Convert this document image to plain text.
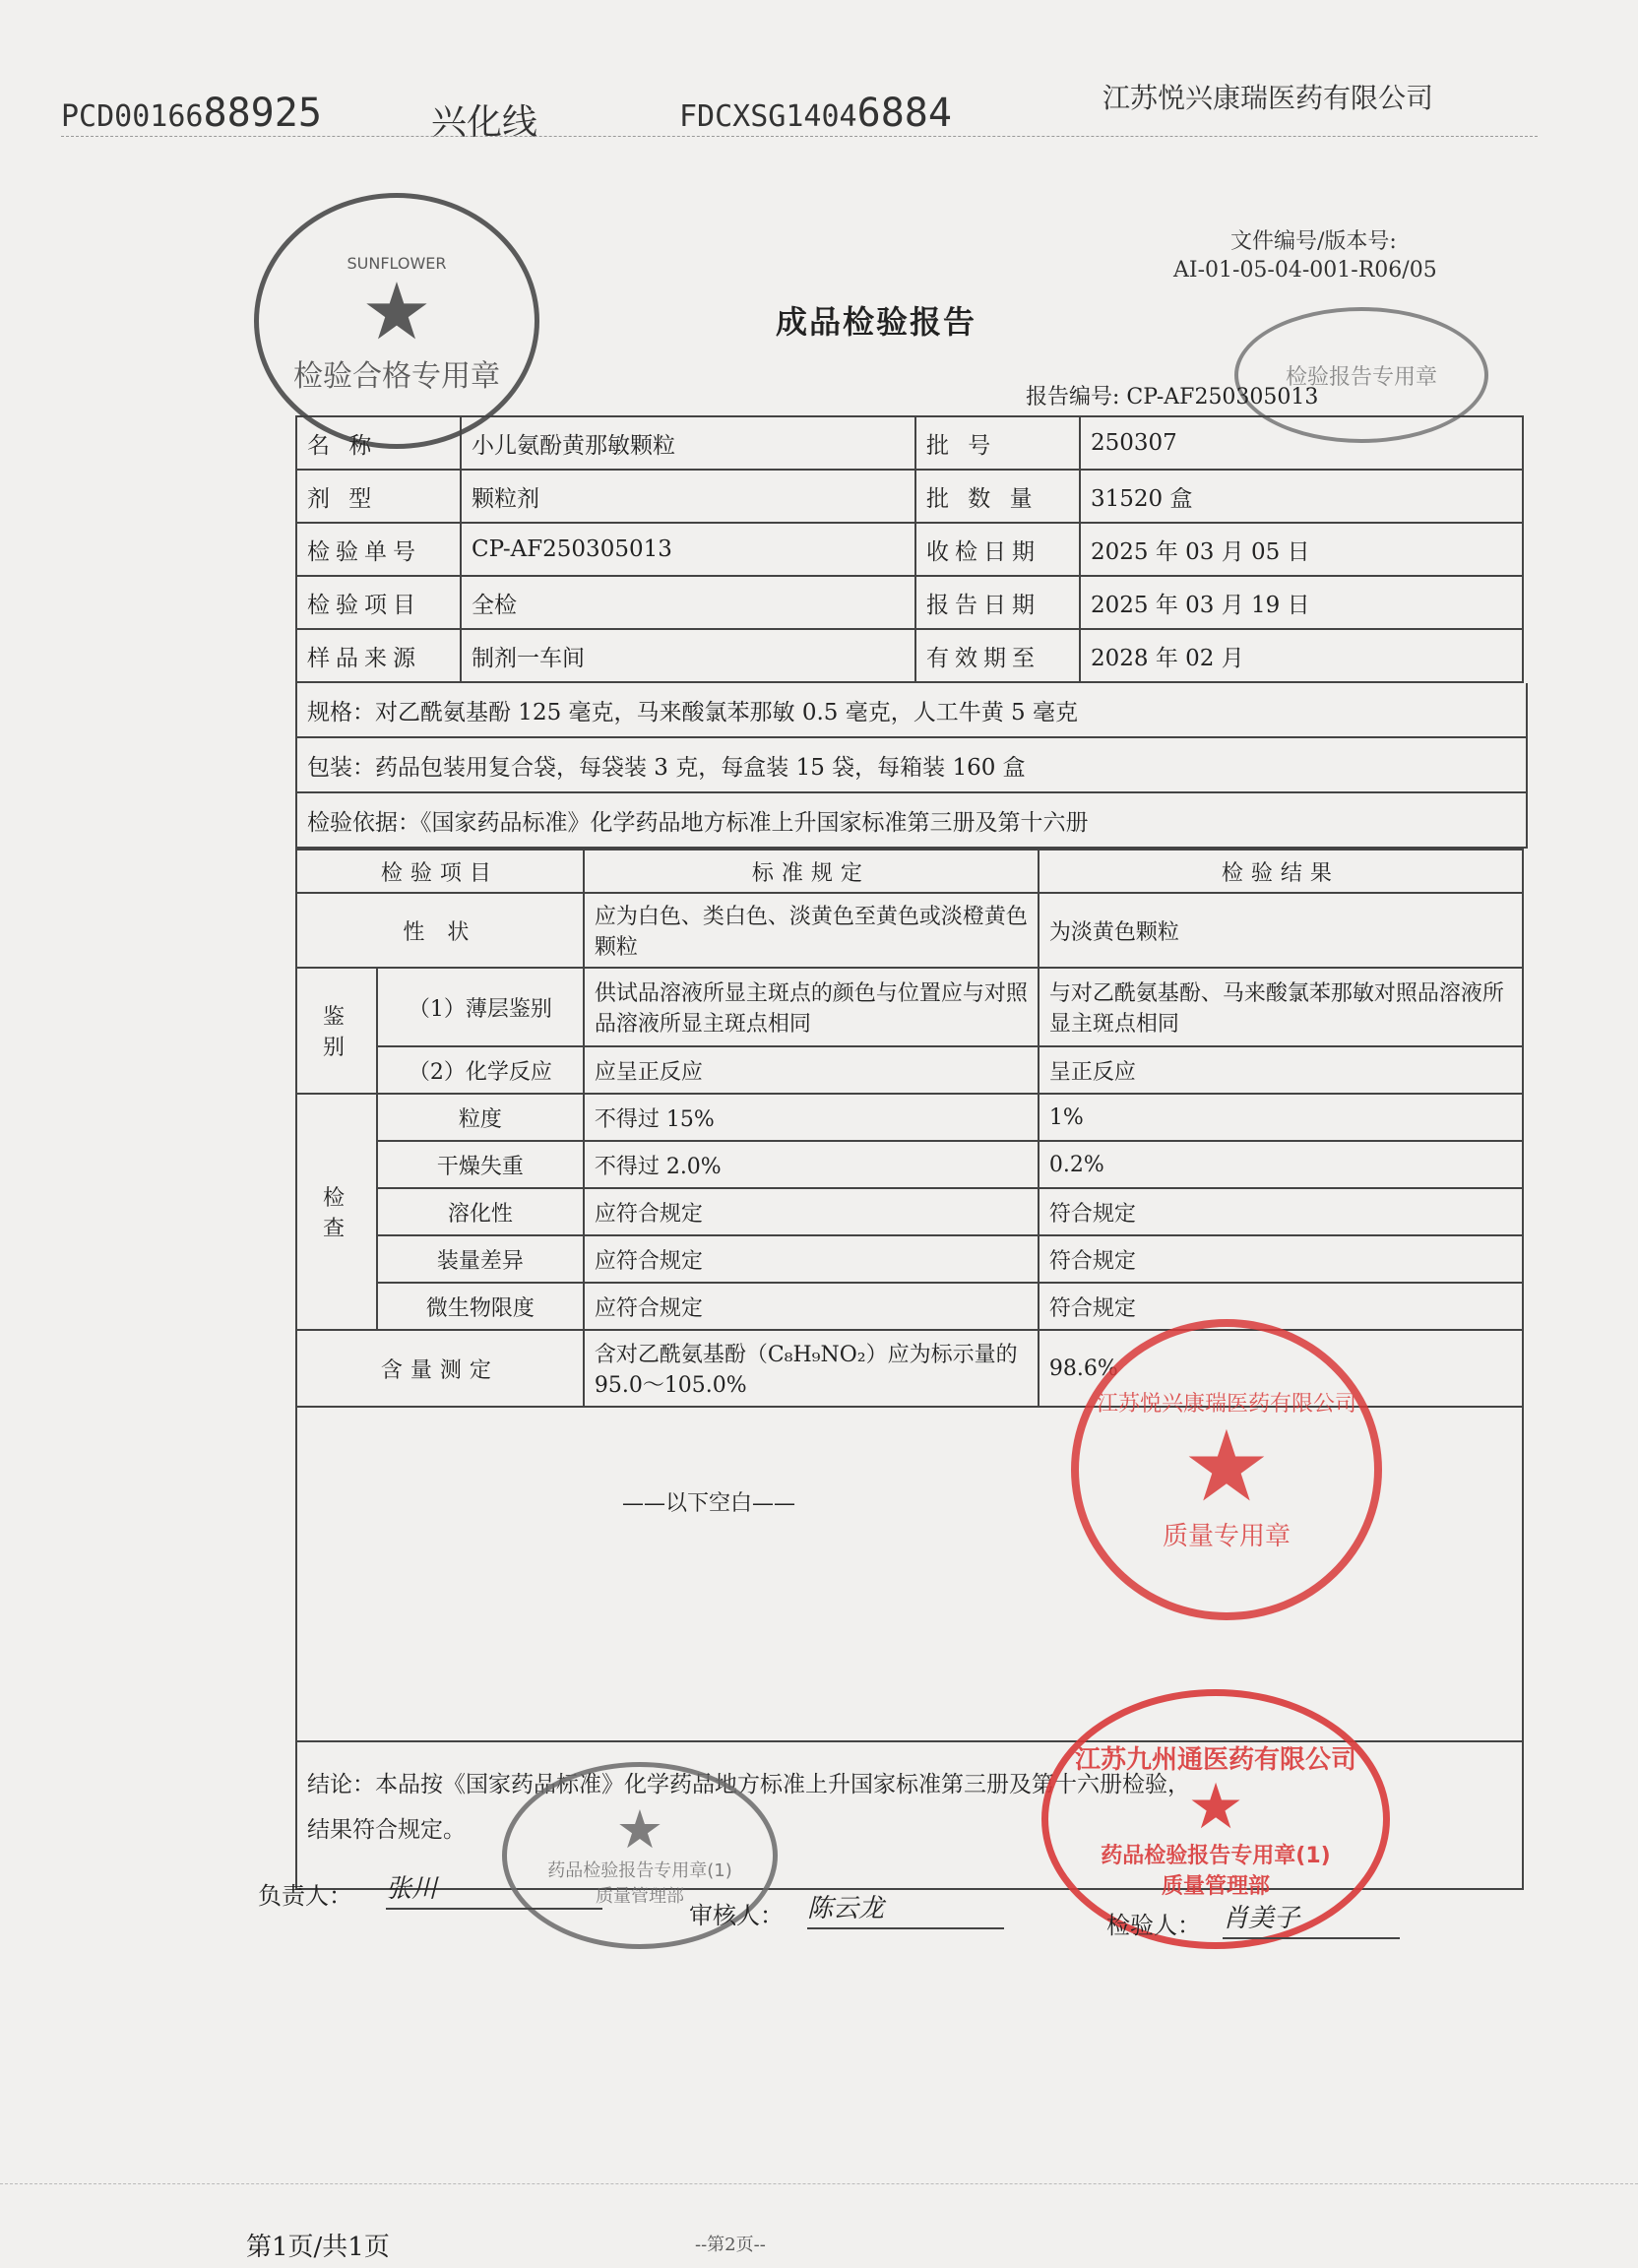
PCD0016688925	兴化线	FDCXSG14046884	江苏悦兴康瑞医药有限公司
SUNFLOWER
★
检验合格专用章	检验报告专用章
文件编号/版本号:
AI-01-05-04-001-R06/05
成品检验报告
报告编号: CP-AF250305013
名 称	小儿氨酚黄那敏颗粒	批 号	250307
剂 型	颗粒剂	批 数 量	31520 盒
检验单号	CP-AF250305013	收检日期	2025 年 03 月 05 日
检验项目	全检	报告日期	2025 年 03 月 19 日
样品来源	制剂一车间	有效期至	2028 年 02 月
规格：对乙酰氨基酚 125 毫克，马来酸氯苯那敏 0.5 毫克，人工牛黄 5 毫克
包装：药品包装用复合袋，每袋装 3 克，每盒装 15 袋，每箱装 160 盒
检验依据：《国家药品标准》化学药品地方标准上升国家标准第三册及第十六册
检验项目		标准规定	检验结果
性 状		应为白色、类白色、淡黄色至黄色或淡橙黄色颗粒	为淡黄色颗粒
鉴 别	（1）薄层鉴别	供试品溶液所显主斑点的颜色与位置应与对照品溶液所显主斑点相同	与对乙酰氨基酚、马来酸氯苯那敏对照品溶液所显主斑点相同
	（2）化学反应	应呈正反应	呈正反应
检 查	粒度	不得过 15%	1%
	干燥失重	不得过 2.0%	0.2%
	溶化性	应符合规定	符合规定
	装量差异	应符合规定	符合规定
	微生物限度	应符合规定	符合规定
含量测定		含对乙酰氨基酚（C₈H₉NO₂）应为标示量的 95.0～105.0%	98.6%
——以下空白——			

结论：本品按《国家药品标准》化学药品地方标准上升国家标准第三册及第十六册检验，
结果符合规定。			
江苏悦兴康瑞医药有限公司
★
质量专用章
江苏九州通医药有限公司
★
药品检验报告专用章(1)
质量管理部
★
药品检验报告专用章(1)
质量管理部
负责人： 张川
审核人： 陈云龙
检验人： 肖美子
第1页/共1页	--第2页--
